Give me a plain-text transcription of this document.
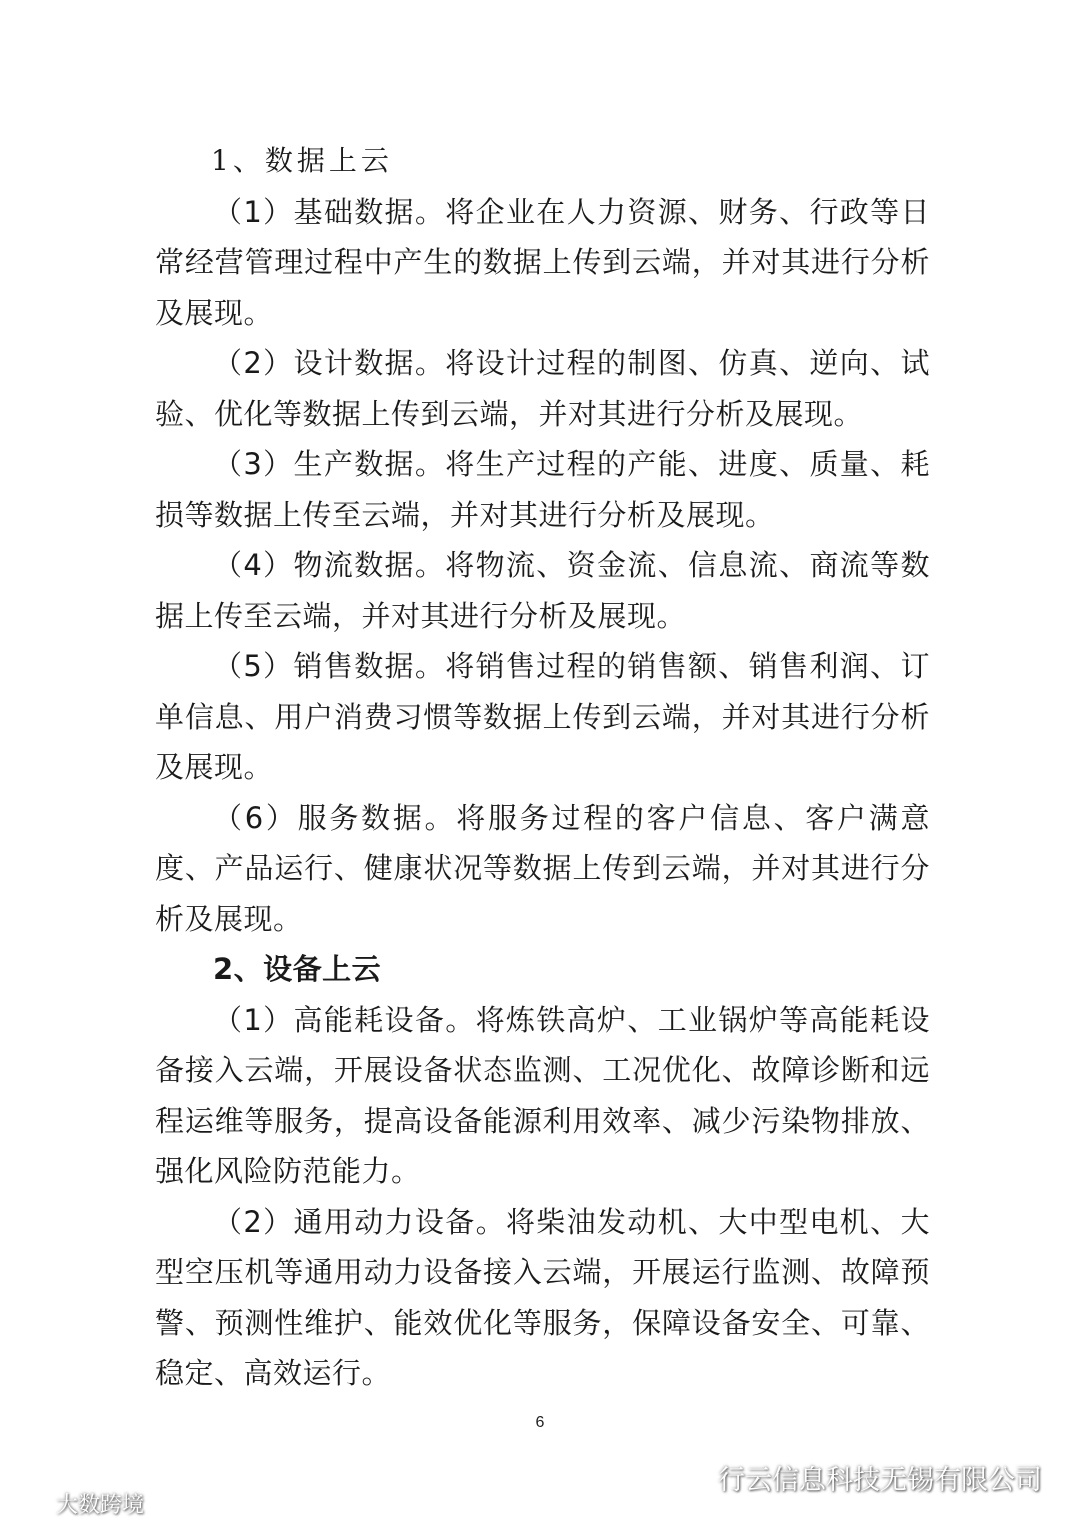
1、数据上云

（1）基础数据。将企业在人力资源、财务、行政等日常经营管理过程中产生的数据上传到云端，并对其进行分析及展现。

（2）设计数据。将设计过程的制图、仿真、逆向、试验、优化等数据上传到云端，并对其进行分析及展现。

（3）生产数据。将生产过程的产能、进度、质量、耗损等数据上传至云端，并对其进行分析及展现。

（4）物流数据。将物流、资金流、信息流、商流等数据上传至云端，并对其进行分析及展现。

（5）销售数据。将销售过程的销售额、销售利润、订单信息、用户消费习惯等数据上传到云端，并对其进行分析及展现。

（6）服务数据。将服务过程的客户信息、客户满意度、产品运行、健康状况等数据上传到云端，并对其进行分析及展现。

2、设备上云

（1）高能耗设备。将炼铁高炉、工业锅炉等高能耗设备接入云端，开展设备状态监测、工况优化、故障诊断和远程运维等服务，提高设备能源利用效率、减少污染物排放、强化风险防范能力。

（2）通用动力设备。将柴油发动机、大中型电机、大型空压机等通用动力设备接入云端，开展运行监测、故障预警、预测性维护、能效优化等服务，保障设备安全、可靠、稳定、高效运行。

6
行云信息科技无锡有限公司
大数跨境
